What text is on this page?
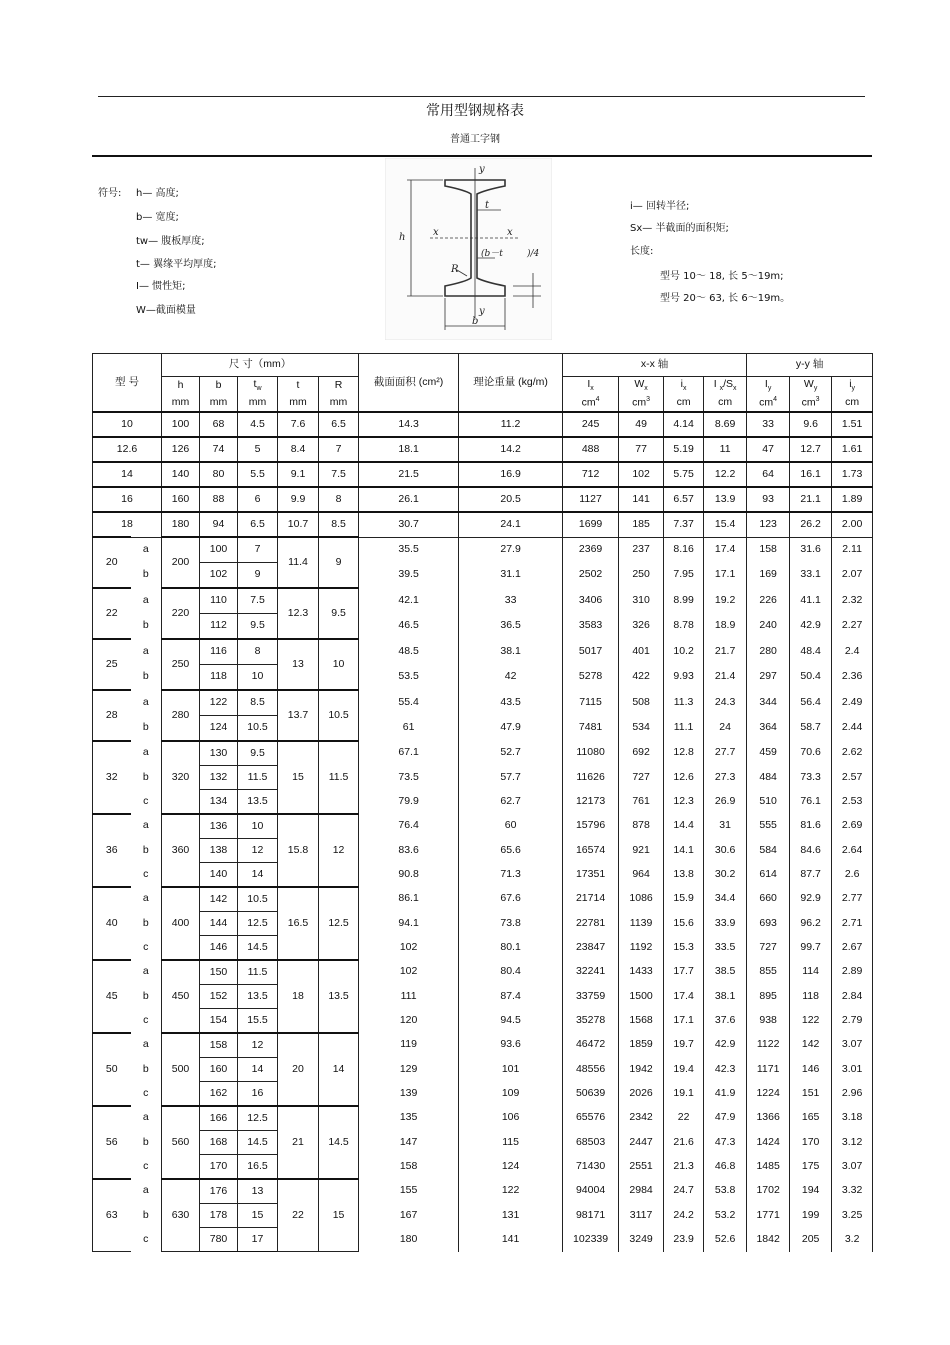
常用型钢规格表
普通工字钢
符号: h— 高度;
b— 宽度;
tw— 腹板厚度;
t— 翼缘平均厚度;
I— 惯性矩;
W—截面模量
i— 回转半径;
Sx— 半截面的面积矩;
长度:
型号 10～ 18, 长 5～19m;
型号 20～ 63, 长 6～19m。
y
y
x	x
h
b
R
t
(b－t	)/4
型 号		尺 寸（mm）					截面面积 (cm²)	理论重量 (kg/m)	x-x 轴				y-y 轴		
		h	b	$t_w$	t	R			$I_x$	$W_x$	$i_x$	I $_x/S_x$	$I_y$	$W_y$	$i_y$
		mm	mm	mm	mm	mm			$cm^4$	$cm^3$	cm	cm	$cm^4$	$cm^3$	cm
10		100	68	4.5	7.6	6.5	14.3	11.2	245	49	4.14	8.69	33	9.6	1.51
12.6		126	74	5	8.4	7	18.1	14.2	488	77	5.19	11	47	12.7	1.61
14		140	80	5.5	9.1	7.5	21.5	16.9	712	102	5.75	12.2	64	16.1	1.73
16		160	88	6	9.9	8	26.1	20.5	1127	141	6.57	13.9	93	21.1	1.89
18		180	94	6.5	10.7	8.5	30.7	24.1	1699	185	7.37	15.4	123	26.2	2.00
20	a	200	100	7	11.4	9	35.5	27.9	2369	237	8.16	17.4	158	31.6	2.11
	b		102	9			39.5	31.1	2502	250	7.95	17.1	169	33.1	2.07
22	a	220	110	7.5	12.3	9.5	42.1	33	3406	310	8.99	19.2	226	41.1	2.32
	b		112	9.5			46.5	36.5	3583	326	8.78	18.9	240	42.9	2.27
25	a	250	116	8	13	10	48.5	38.1	5017	401	10.2	21.7	280	48.4	2.4
	b		118	10			53.5	42	5278	422	9.93	21.4	297	50.4	2.36
28	a	280	122	8.5	13.7	10.5	55.4	43.5	7115	508	11.3	24.3	344	56.4	2.49
	b		124	10.5			61	47.9	7481	534	11.1	24	364	58.7	2.44
32	a	320	130	9.5	15	11.5	67.1	52.7	11080	692	12.8	27.7	459	70.6	2.62
	b		132	11.5			73.5	57.7	11626	727	12.6	27.3	484	73.3	2.57
	c		134	13.5			79.9	62.7	12173	761	12.3	26.9	510	76.1	2.53
36	a	360	136	10	15.8	12	76.4	60	15796	878	14.4	31	555	81.6	2.69
	b		138	12			83.6	65.6	16574	921	14.1	30.6	584	84.6	2.64
	c		140	14			90.8	71.3	17351	964	13.8	30.2	614	87.7	2.6
40	a	400	142	10.5	16.5	12.5	86.1	67.6	21714	1086	15.9	34.4	660	92.9	2.77
	b		144	12.5			94.1	73.8	22781	1139	15.6	33.9	693	96.2	2.71
	c		146	14.5			102	80.1	23847	1192	15.3	33.5	727	99.7	2.67
45	a	450	150	11.5	18	13.5	102	80.4	32241	1433	17.7	38.5	855	114	2.89
	b		152	13.5			111	87.4	33759	1500	17.4	38.1	895	118	2.84
	c		154	15.5			120	94.5	35278	1568	17.1	37.6	938	122	2.79
50	a	500	158	12	20	14	119	93.6	46472	1859	19.7	42.9	1122	142	3.07
	b		160	14			129	101	48556	1942	19.4	42.3	1171	146	3.01
	c		162	16			139	109	50639	2026	19.1	41.9	1224	151	2.96
56	a	560	166	12.5	21	14.5	135	106	65576	2342	22	47.9	1366	165	3.18
	b		168	14.5			147	115	68503	2447	21.6	47.3	1424	170	3.12
	c		170	16.5			158	124	71430	2551	21.3	46.8	1485	175	3.07
63	a	630	176	13	22	15	155	122	94004	2984	24.7	53.8	1702	194	3.32
	b		178	15			167	131	98171	3117	24.2	53.2	1771	199	3.25
	c		780	17			180	141	102339	3249	23.9	52.6	1842	205	3.2
